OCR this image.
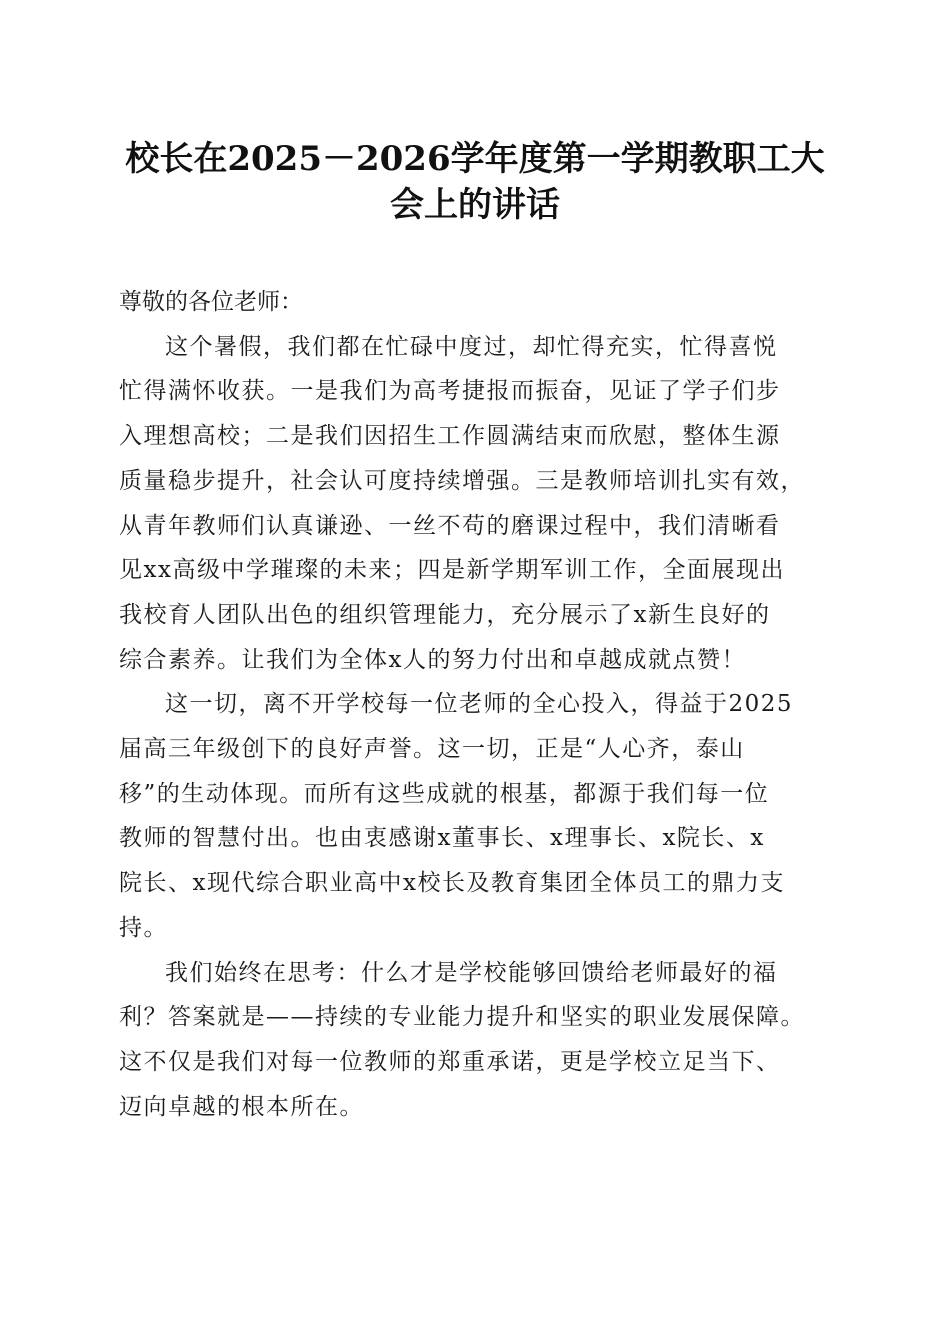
校长在2025－2026学年度第一学期教职工大
会上的讲话

尊敬的各位老师：

这个暑假，我们都在忙碌中度过，却忙得充实，忙得喜悦
忙得满怀收获。一是我们为高考捷报而振奋，见证了学子们步
入理想高校；二是我们因招生工作圆满结束而欣慰，整体生源
质量稳步提升，社会认可度持续增强。三是教师培训扎实有效，
从青年教师们认真谦逊、一丝不苟的磨课过程中，我们清晰看
见xx高级中学璀璨的未来；四是新学期军训工作，全面展现出
我校育人团队出色的组织管理能力，充分展示了x新生良好的
综合素养。让我们为全体x人的努力付出和卓越成就点赞！

这一切，离不开学校每一位老师的全心投入，得益于2025
届高三年级创下的良好声誉。这一切，正是“人心齐，泰山
移”的生动体现。而所有这些成就的根基，都源于我们每一位
教师的智慧付出。也由衷感谢x董事长、x理事长、x院长、x
院长、x现代综合职业高中x校长及教育集团全体员工的鼎力支
持。

我们始终在思考：什么才是学校能够回馈给老师最好的福
利？答案就是——持续的专业能力提升和坚实的职业发展保障。
这不仅是我们对每一位教师的郑重承诺，更是学校立足当下、
迈向卓越的根本所在。
